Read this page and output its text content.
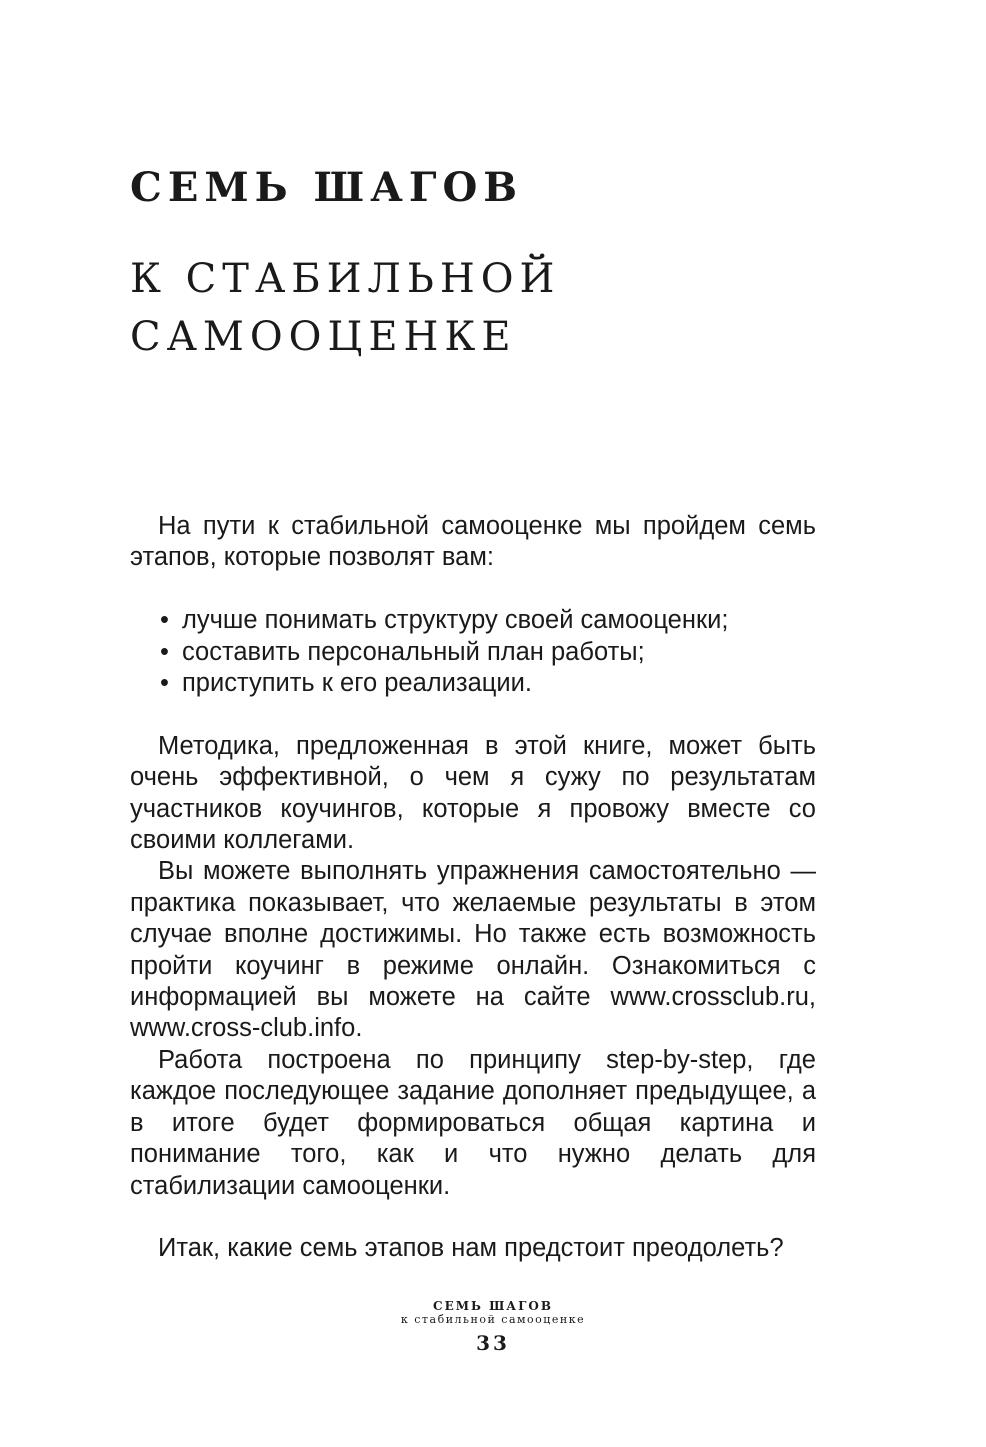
СЕМЬ ШАГОВ
К СТАБИЛЬНОЙ
САМООЦЕНКЕ

На пути к стабильной самооценке мы пройдем семь

этапов, которые позволят вам:

• лучше понимать структуру своей самооценки;
• составить персональный план работы;
• приступить к его реализации.

Методика, предложенная в этой книге, может быть очень эффективной, о чем я сужу по результатам участников коучингов, которые я провожу вместе со своими коллегами.

Вы можете выполнять упражнения самостоятельно — практика показывает, что желаемые результаты в этом случае вполне достижимы. Но также есть возможность пройти коучинг в режиме онлайн. Ознакомиться с информацией вы можете на сайте www.crossclub.ru, www.cross-club.info.

Работа построена по принципу step-by-step, где каждое последующее задание дополняет предыдущее, а в итоге будет формироваться общая картина и понимание того, как и что нужно делать для стабилизации самооценки.

Итак, какие семь этапов нам предстоит преодолеть?

СЕМЬ ШАГОВ
к стабильной самооценке
33
